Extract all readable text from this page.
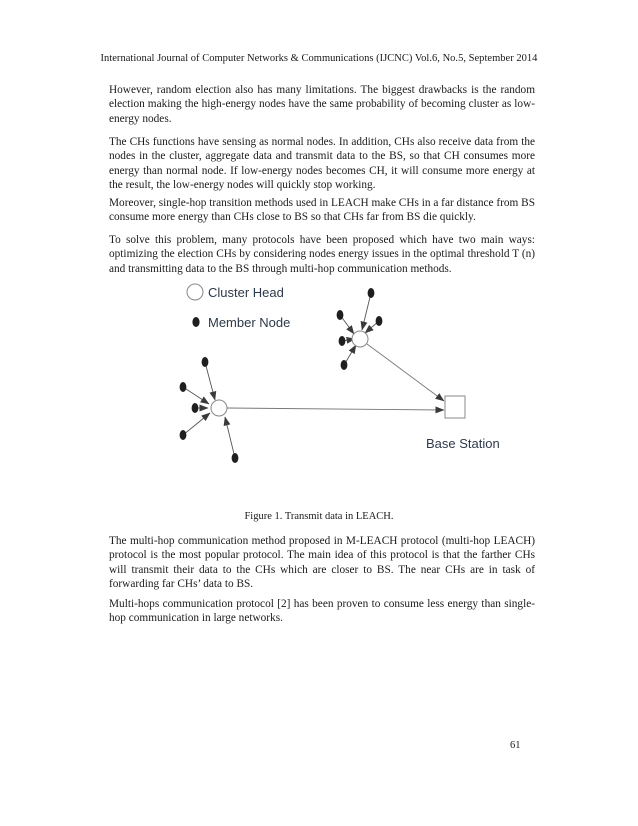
International Journal of Computer Networks & Communications (IJCNC) Vol.6, No.5, September 2014

However, random election also has many limitations. The biggest drawbacks is the random election making the high-energy nodes have the same probability of becoming cluster as low-energy nodes.

The CHs functions have sensing as normal nodes. In addition, CHs also receive data from the nodes in the cluster, aggregate data and transmit data to the BS, so that CH consumes more energy than normal node. If low-energy nodes becomes CH, it will consume more energy at the result, the low-energy nodes will quickly stop working.

Moreover, single-hop transition methods used in LEACH make CHs in a far distance from BS consume more energy than CHs close to BS so that CHs far from BS die quickly.

To solve this problem, many protocols have been proposed which have two main ways: optimizing the election CHs by considering nodes energy issues in the optimal threshold T (n) and transmitting data to the BS through multi-hop communication methods.

Cluster Head
Member Node
Base Station
Figure 1. Transmit data in LEACH.

The multi-hop communication method proposed in M-LEACH protocol (multi-hop LEACH) protocol is the most popular protocol. The main idea of this protocol is that the farther CHs will transmit their data to the CHs which are closer to BS. The near CHs are in task of forwarding far CHs’ data to BS.

Multi-hops communication protocol [2] has been proven to consume less energy than single-hop communication in large networks.

61
